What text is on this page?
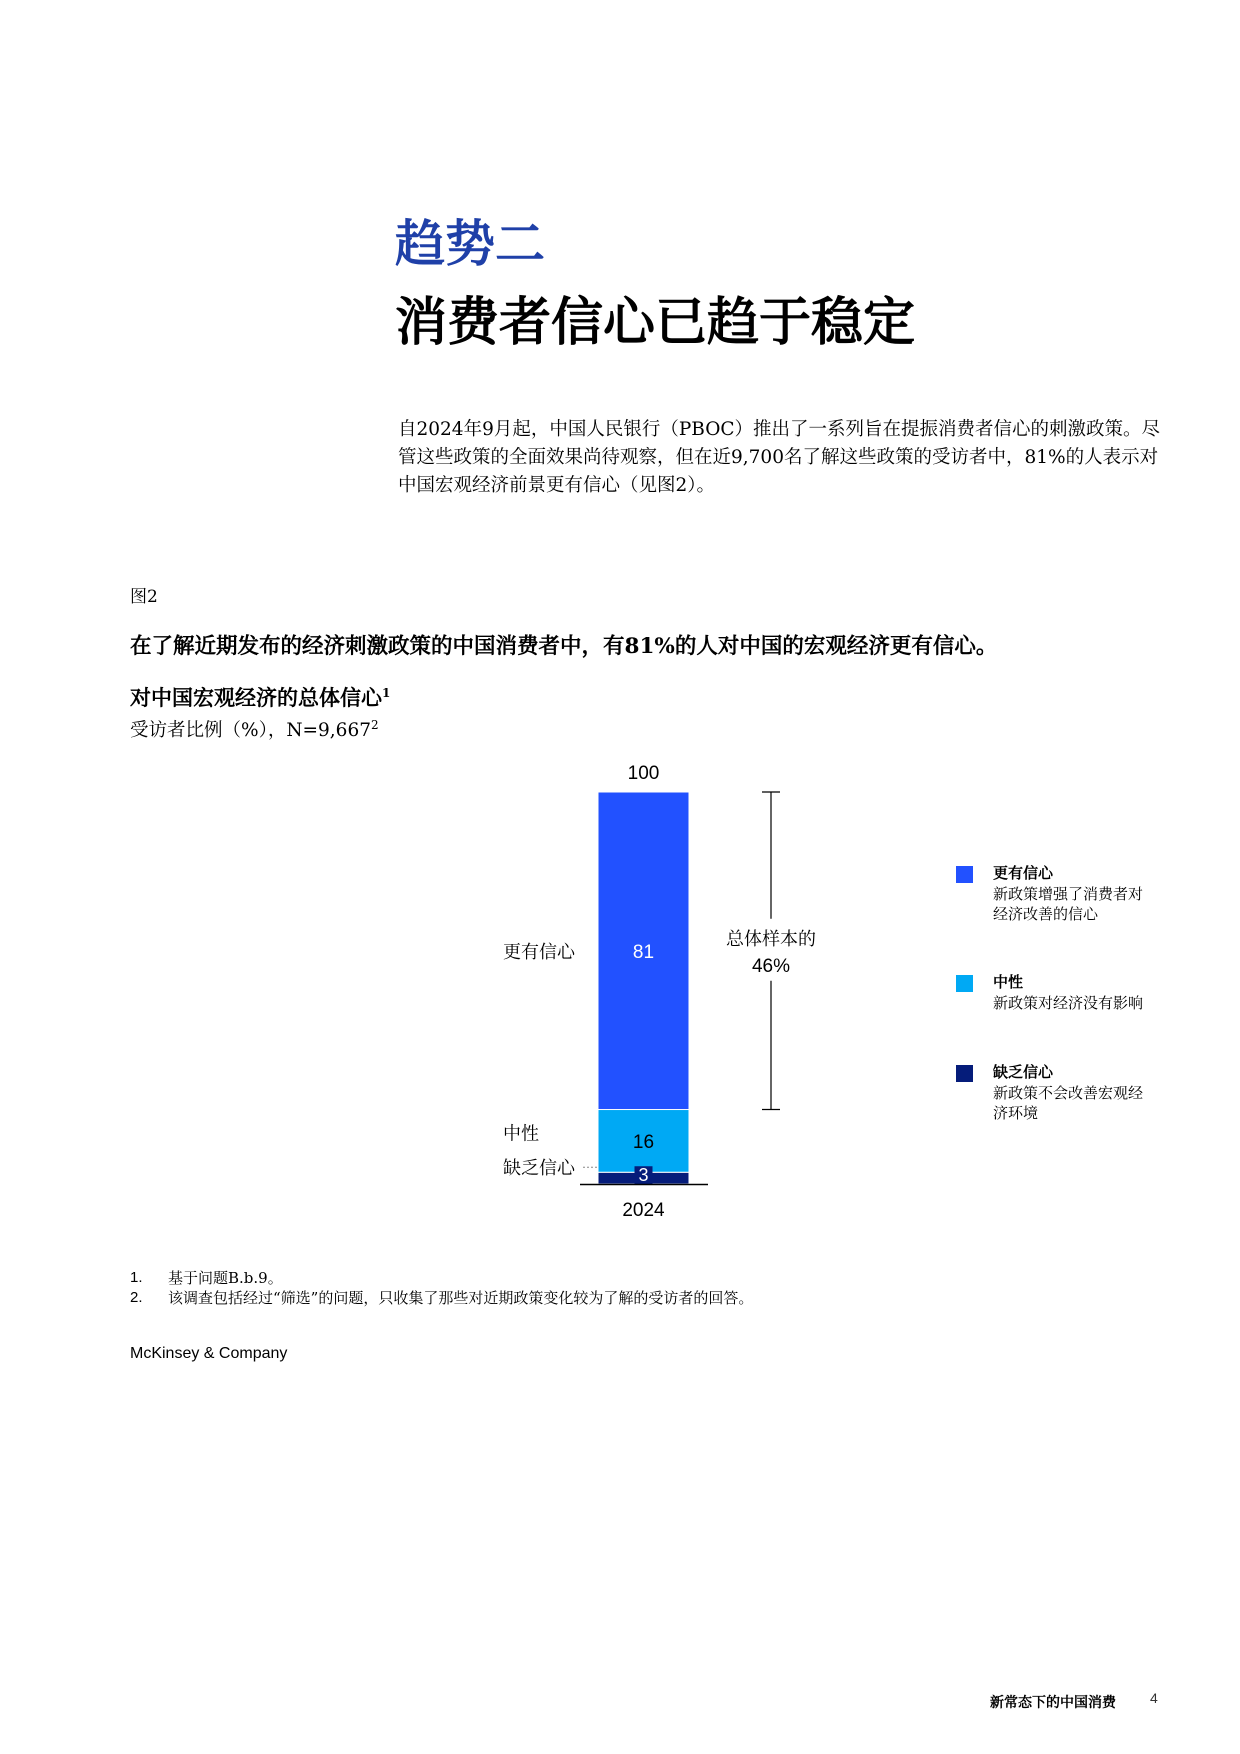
趋势二
消费者信心已趋于稳定
自2024年9月起，中国人民银行（PBOC）推出了一系列旨在提振消费者信心的刺激政策。尽管这些政策的全面效果尚待观察，但在近9,700名了解这些政策的受访者中，81%的人表示对中国宏观经济前景更有信心（见图2）。
图2
在了解近期发布的经济刺激政策的中国消费者中，有81%的人对中国的宏观经济更有信心。
对中国宏观经济的总体信心$^1$
受访者比例（%），$N=9,667^2$
3
16
81
100
2024
缺乏信心
中性
更有信心
总体样本的
46%
更有信心
新政策增强了消费者对经济改善的信心
中性
新政策对经济没有影响
缺乏信心
新政策不会改善宏观经济环境
1.	基于问题B.b.9。
2.	该调查包括经过“筛选”的问题，只收集了那些对近期政策变化较为了解的受访者的回答。
McKinsey & Company
新常态下的中国消费 4
